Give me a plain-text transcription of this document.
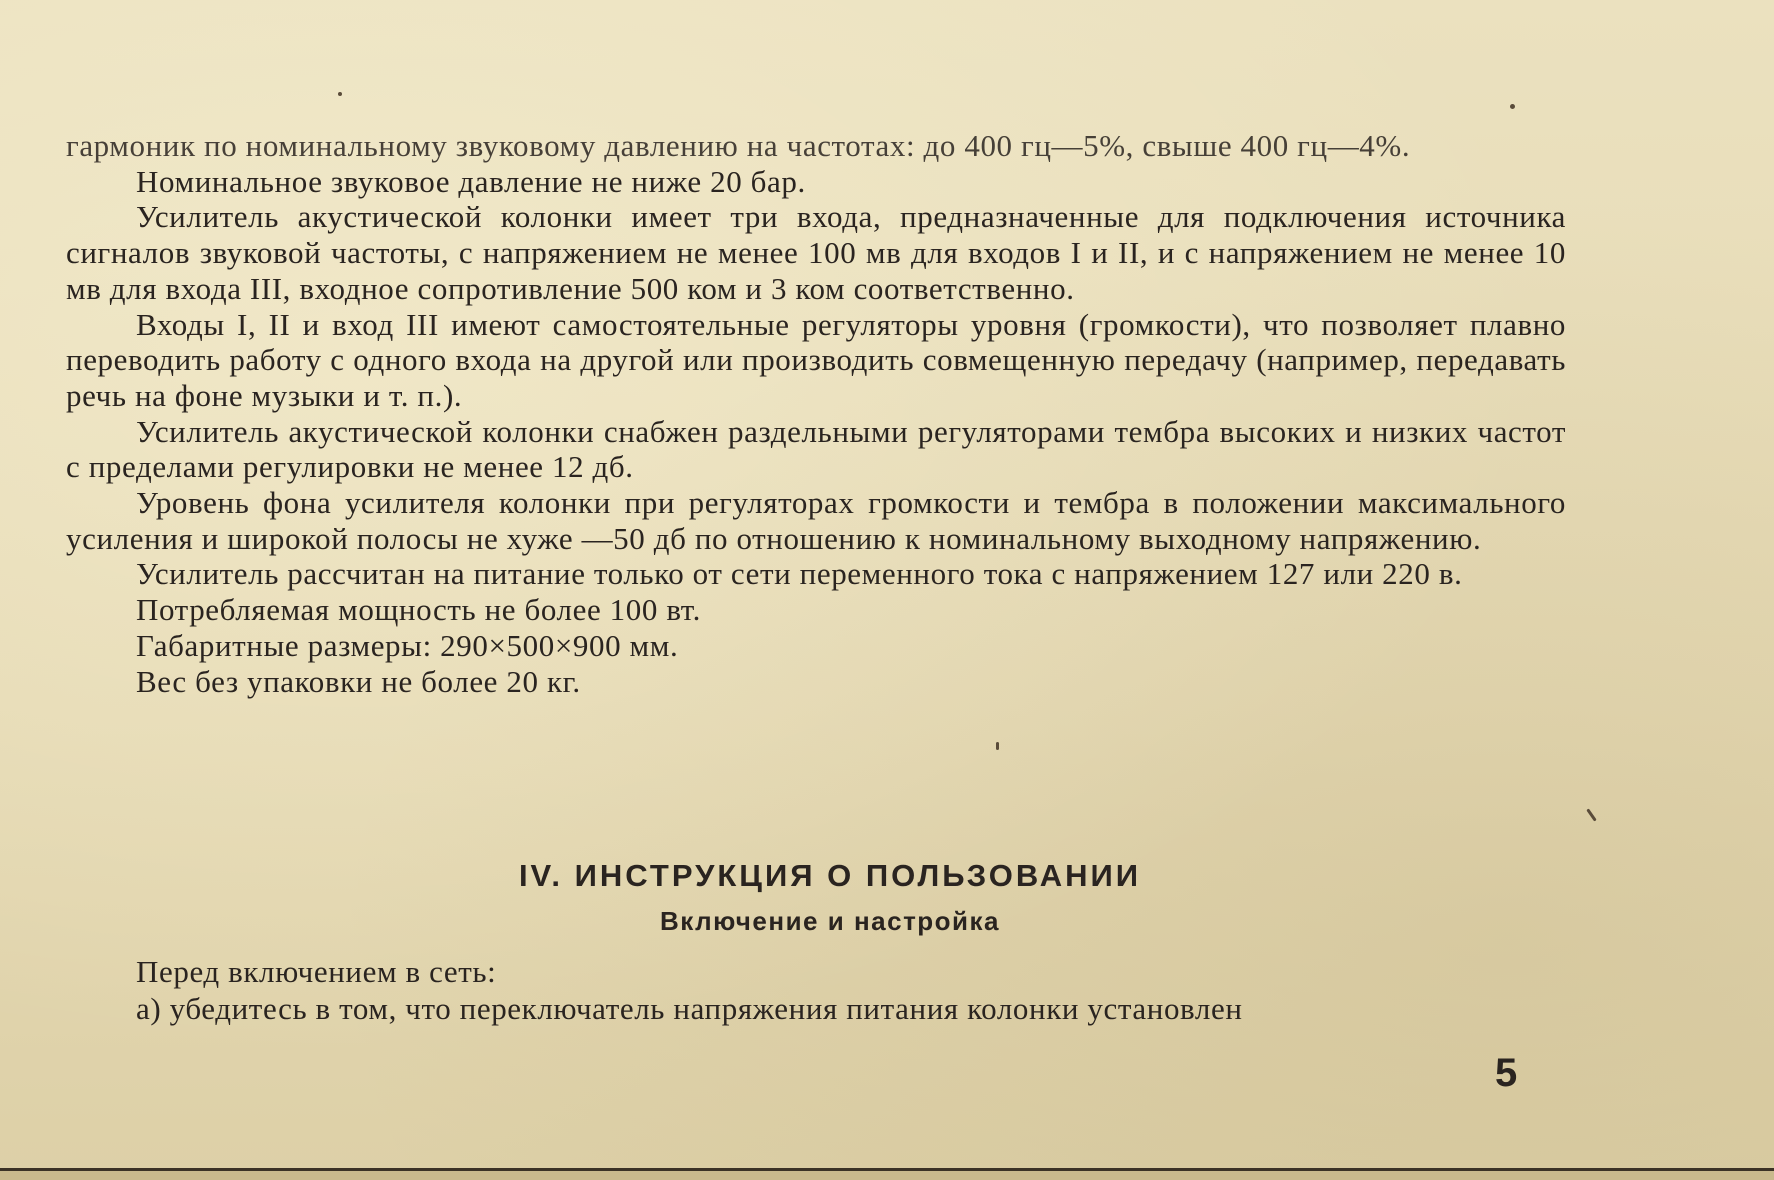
гармоник по номинальному звуковому давлению на частотах: до 400 гц—5%, свыше 400 гц—4%.

Номинальное звуковое давление не ниже 20 бар.

Усилитель акустической колонки имеет три входа, предназначенные для подключения источника сигналов звуковой частоты, с напряжением не менее 100 мв для входов I и II, и с напряжением не менее 10 мв для входа III, входное сопротивление 500 ком и 3 ком соответственно.

Входы I, II и вход III имеют самостоятельные регуляторы уровня (громкости), что позволяет плавно переводить работу с одного входа на другой или производить совмещенную передачу (например, передавать речь на фоне музыки и т. п.).

Усилитель акустической колонки снабжен раздельными регуляторами тембра высоких и низких частот с пределами регулировки не менее 12 дб.

Уровень фона усилителя колонки при регуляторах громкости и тембра в положении максимального усиления и широкой полосы не хуже —50 дб по отношению к номинальному выходному напряжению.

Усилитель рассчитан на питание только от сети переменного тока с напряжением 127 или 220 в.

Потребляемая мощность не более 100 вт.

Габаритные размеры: 290×500×900 мм.

Вес без упаковки не более 20 кг.

IV. ИНСТРУКЦИЯ О ПОЛЬЗОВАНИИ
Включение и настройка

Перед включением в сеть:

а) убедитесь в том, что переключатель напряжения питания колонки установлен

5
